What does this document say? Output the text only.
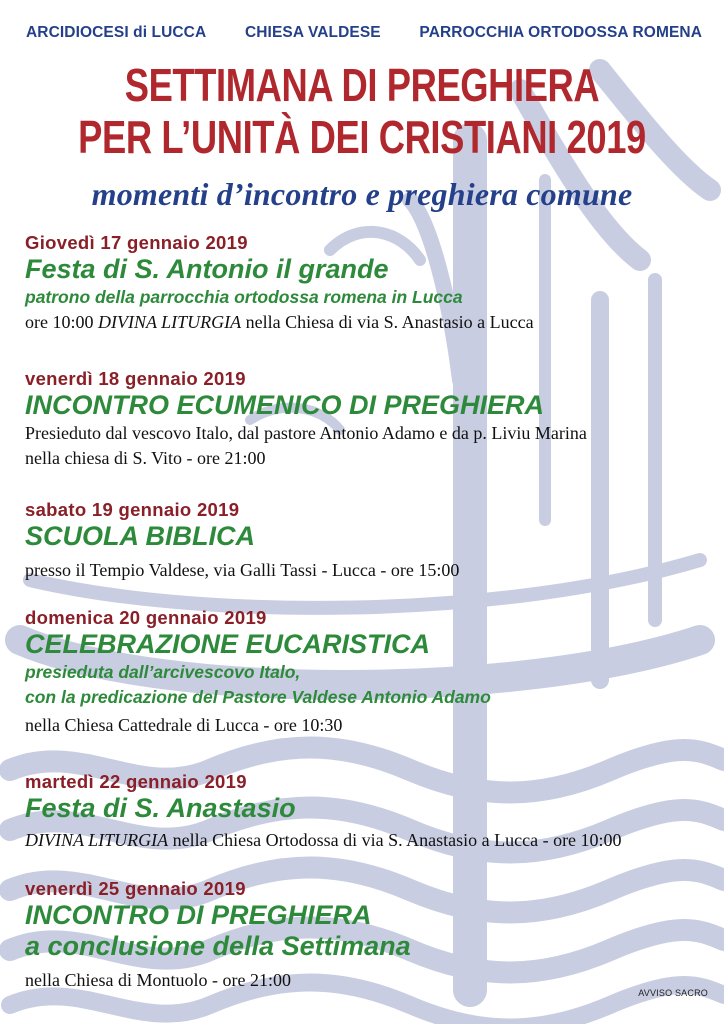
ARCIDIOCESI di LUCCA CHIESA VALDESE PARROCCHIA ORTODOSSA ROMENA
SETTIMANA DI PREGHIERA
PER L’UNITÀ DEI CRISTIANI 2019
momenti d’incontro e preghiera comune
Giovedì 17 gennaio 2019
Festa di S. Antonio il grande
patrono della parrocchia ortodossa romena in Lucca
ore 10:00 DIVINA LITURGIA nella Chiesa di via S. Anastasio a Lucca
venerdì 18 gennaio 2019
INCONTRO ECUMENICO DI PREGHIERA
Presieduto dal vescovo Italo, dal pastore Antonio Adamo e da p. Liviu Marina
nella chiesa di S. Vito - ore 21:00
sabato 19 gennaio 2019
SCUOLA BIBLICA
presso il Tempio Valdese, via Galli Tassi - Lucca - ore 15:00
domenica 20 gennaio 2019
CELEBRAZIONE EUCARISTICA
presieduta dall’arcivescovo Italo,
con la predicazione del Pastore Valdese Antonio Adamo
nella Chiesa Cattedrale di Lucca - ore 10:30
martedì 22 gennaio 2019
Festa di S. Anastasio
DIVINA LITURGIA nella Chiesa Ortodossa di via S. Anastasio a Lucca - ore 10:00
venerdì 25 gennaio 2019
INCONTRO DI PREGHIERA
a conclusione della Settimana
nella Chiesa di Montuolo - ore 21:00
AVVISO SACRO
